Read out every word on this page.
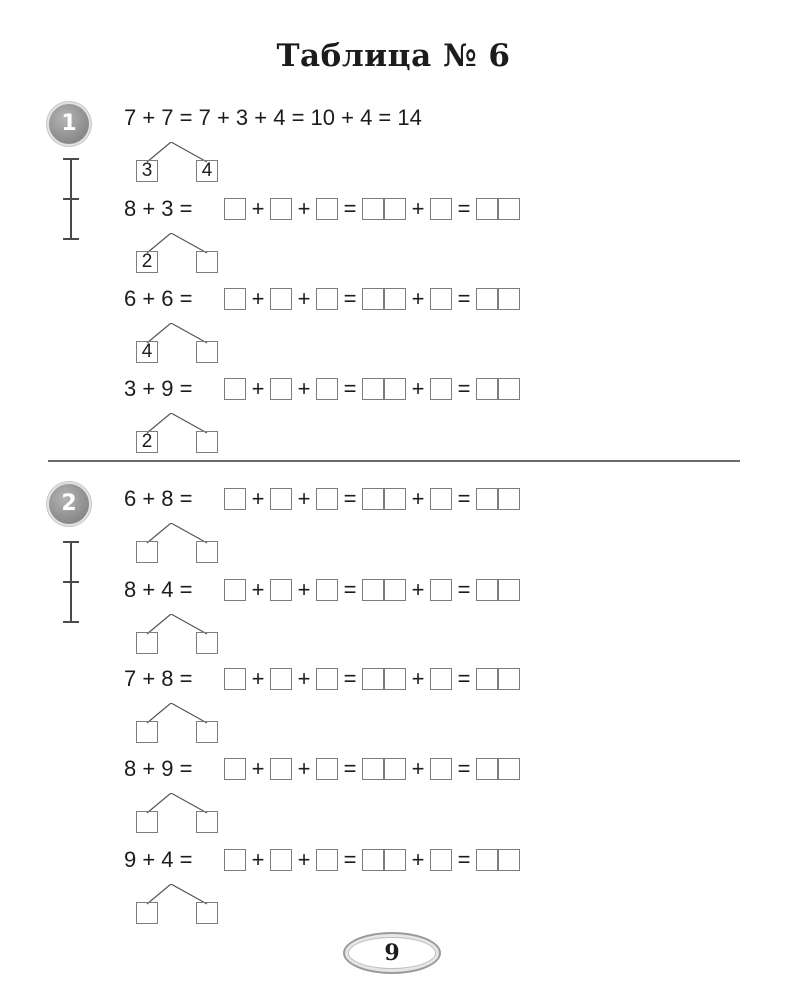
Таблица № 6
1
2
7 + 7 = 7 + 3 + 4 = 10 + 4 = 14
3	4
8 + 3 =	+ + =	+ =
2
6 + 6 =	+ + =	+ =
4
3 + 9 =	+ + =	+ =
2
6 + 8 =	+ + =	+ =
8 + 4 =	+ + =	+ =
7 + 8 =	+ + =	+ =
8 + 9 =	+ + =	+ =
9 + 4 =	+ + =	+ =
9
